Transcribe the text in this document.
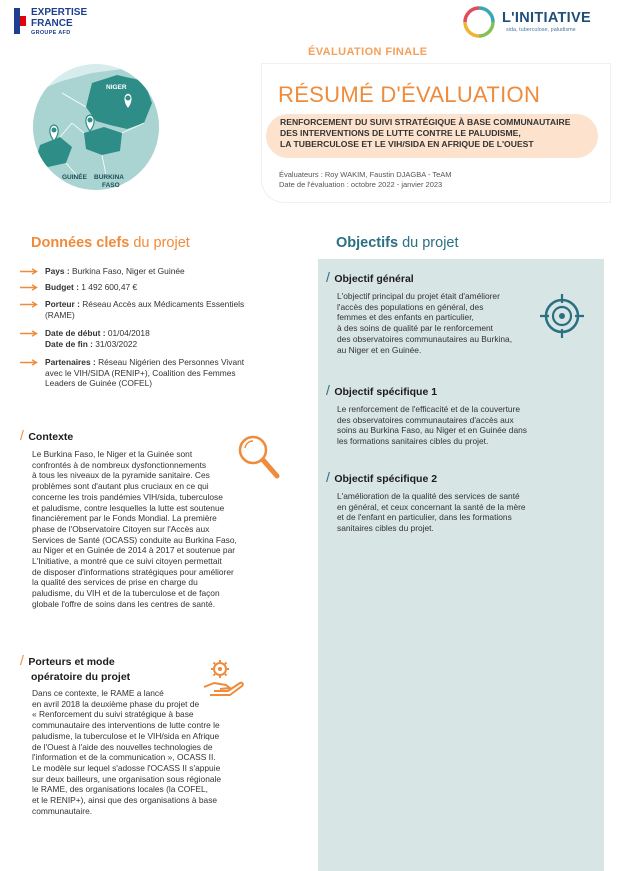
EXPERTISE
FRANCE
GROUPE AFD
L'INITIATIVE
sida, tuberculose, paludisme
ÉVALUATION FINALE
RÉSUMÉ D'ÉVALUATION
RENFORCEMENT DU SUIVI STRATÉGIQUE À BASE COMMUNAUTAIRE
DES INTERVENTIONS DE LUTTE CONTRE LE PALUDISME,
LA TUBERCULOSE ET LE VIH/SIDA EN AFRIQUE DE L'OUEST
Évaluateurs : Roy WAKIM, Faustin DJAGBA - TeAM
Date de l'évaluation : octobre 2022 - janvier 2023
NIGER
GUINÉE BURKINA
FASO
Données clefs du projet
Pays : Burkina Faso, Niger et Guinée
Budget : 1 492 600,47 €
Porteur : Réseau Accès aux Médicaments Essentiels
(RAME)
Date de début : 01/04/2018
Date de fin : 31/03/2022
Partenaires : Réseau Nigérien des Personnes Vivant
avec le VIH/SIDA (RENIP+), Coalition des Femmes
Leaders de Guinée (COFEL)
/ Contexte
Le Burkina Faso, le Niger et la Guinée sont
confrontés à de nombreux dysfonctionnements
à tous les niveaux de la pyramide sanitaire. Ces
problèmes sont d'autant plus cruciaux en ce qui
concerne les trois pandémies VIH/sida, tuberculose
et paludisme, contre lesquelles la lutte est soutenue
financièrement par le Fonds Mondial. La première
phase de l'Observatoire Citoyen sur l'Accès aux
Services de Santé (OCASS) conduite au Burkina Faso,
au Niger et en Guinée de 2014 à 2017 et soutenue par
L'Initiative, a montré que ce suivi citoyen permettait
de disposer d'informations stratégiques pour améliorer
la qualité des services de prise en charge du
paludisme, du VIH et de la tuberculose et de façon
globale l'offre de soins dans les centres de santé.
/ Porteurs et mode
opératoire du projet
Dans ce contexte, le RAME a lancé
en avril 2018 la deuxième phase du projet de
« Renforcement du suivi stratégique à base
communautaire des interventions de lutte contre le
paludisme, la tuberculose et le VIH/sida en Afrique
de l'Ouest à l'aide des nouvelles technologies de
l'information et de la communication », OCASS II.
Le modèle sur lequel s'adosse l'OCASS II s'appuie
sur deux bailleurs, une organisation sous régionale
le RAME, des organisations locales (la COFEL,
et le RENIP+), ainsi que des organisations à base
communautaire.
Objectifs du projet
/ Objectif général
L'objectif principal du projet était d'améliorer
l'accès des populations en général, des
femmes et des enfants en particulier,
à des soins de qualité par le renforcement
des observatoires communautaires au Burkina,
au Niger et en Guinée.
/ Objectif spécifique 1
Le renforcement de l'efficacité et de la couverture
des observatoires communautaires d'accès aux
soins au Burkina Faso, au Niger et en Guinée dans
les formations sanitaires cibles du projet.
/ Objectif spécifique 2
L'amélioration de la qualité des services de santé
en général, et ceux concernant la santé de la mère
et de l'enfant en particulier, dans les formations
sanitaires cibles du projet.
